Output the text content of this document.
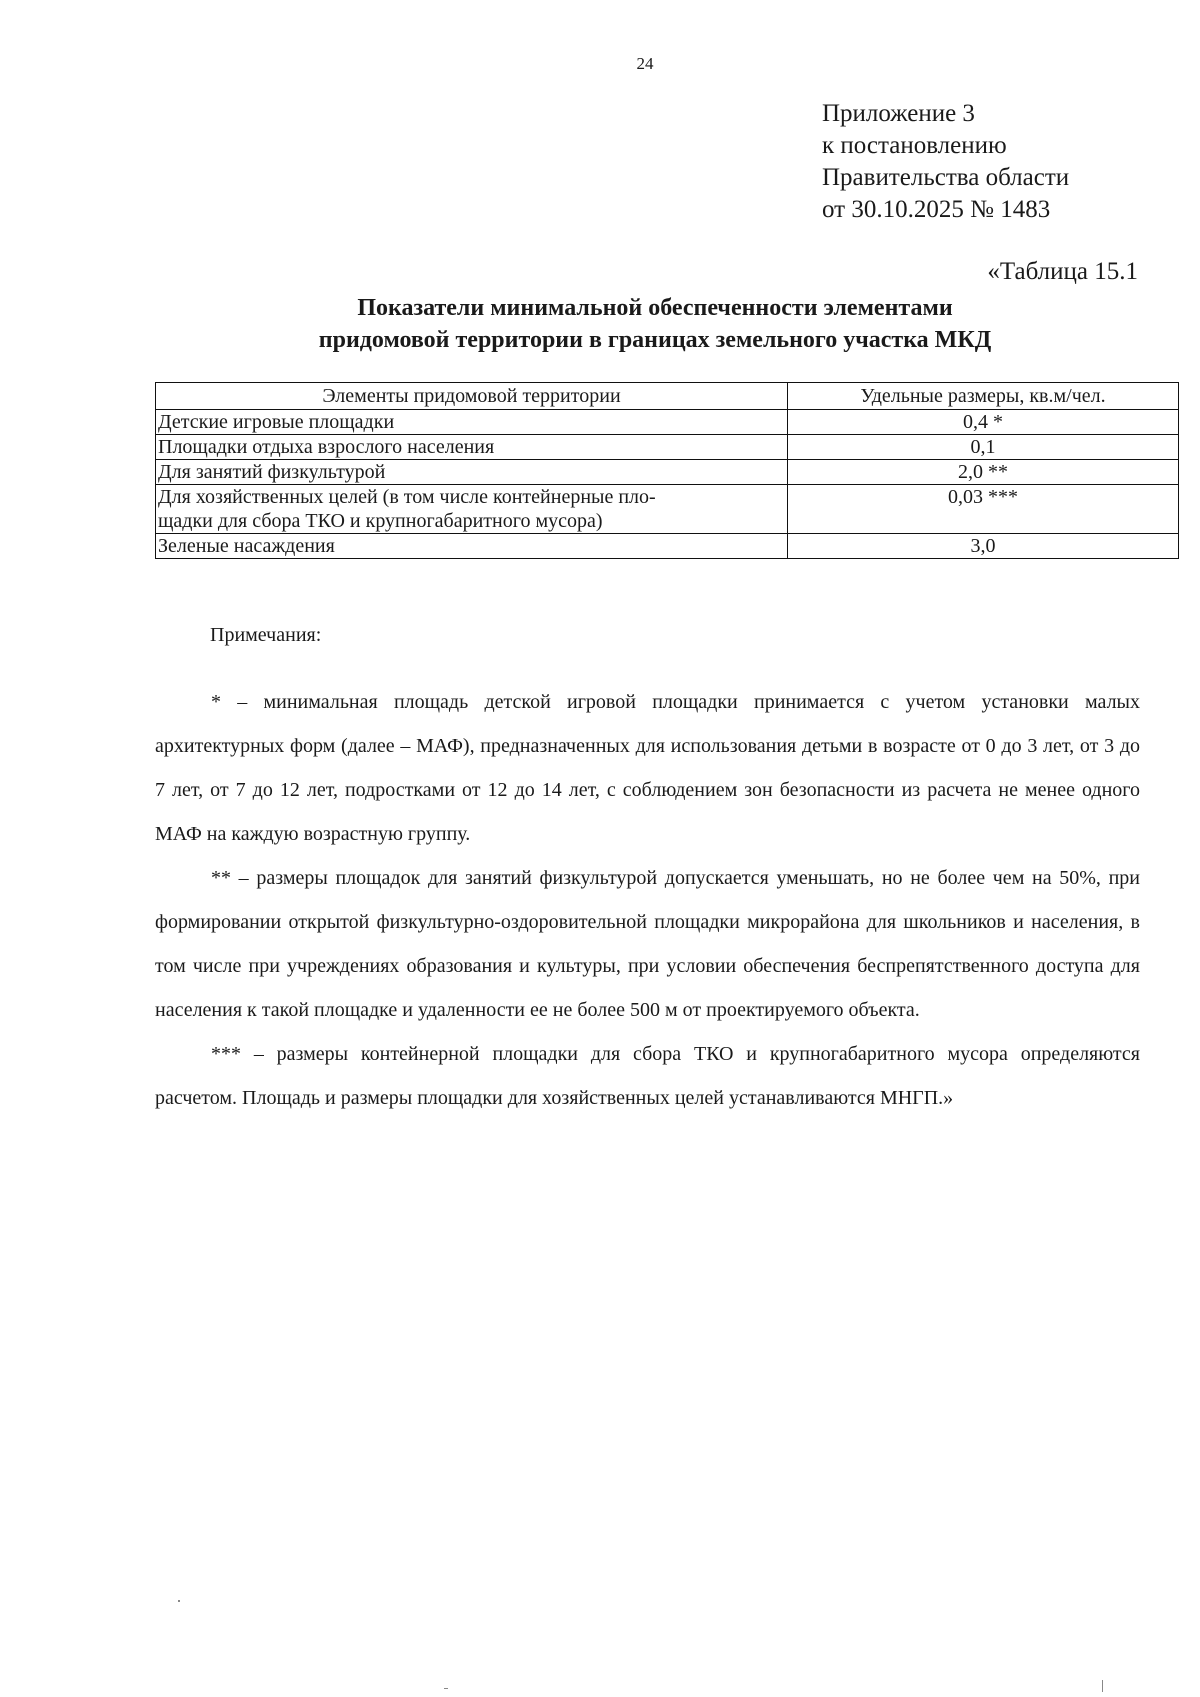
24
Приложение 3
к постановлению
Правительства области
от 30.10.2025 № 1483
«Таблица 15.1
Показатели минимальной обеспеченности элементами
придомовой территории в границах земельного участка МКД
Элементы придомовой территории	Удельные размеры, кв.м/чел.
Детские игровые площадки	0,4 *
Площадки отдыха взрослого населения	0,1
Для занятий физкультурой	2,0 **

Для хозяйственных целей (в том числе контейнерные пло-
щадки для сбора ТКО и крупногабаритного мусора)	0,03 ***
Зеленые насаждения	3,0
Примечания:

* – минимальная площадь детской игровой площадки принимается с учетом установки малых архитектурных форм (далее – МАФ), предназначенных для использования детьми в возрасте от 0 до 3 лет, от 3 до 7 лет, от 7 до 12 лет, подростками от 12 до 14 лет, с соблюдением зон безопасности из расчета не менее одного МАФ на каждую возрастную группу.

** – размеры площадок для занятий физкультурой допускается уменьшать, но не более чем на 50%, при формировании открытой физкультурно-оздоровительной площадки микрорайона для школьников и населения, в том числе при учреждениях образования и культуры, при условии обеспечения беспрепятственного доступа для населения к такой площадке и удаленности ее не более 500 м от проектируемого объекта.

*** – размеры контейнерной площадки для сбора ТКО и крупногабаритного мусора определяются расчетом. Площадь и размеры площадки для хозяйственных целей устанавливаются МНГП.»
